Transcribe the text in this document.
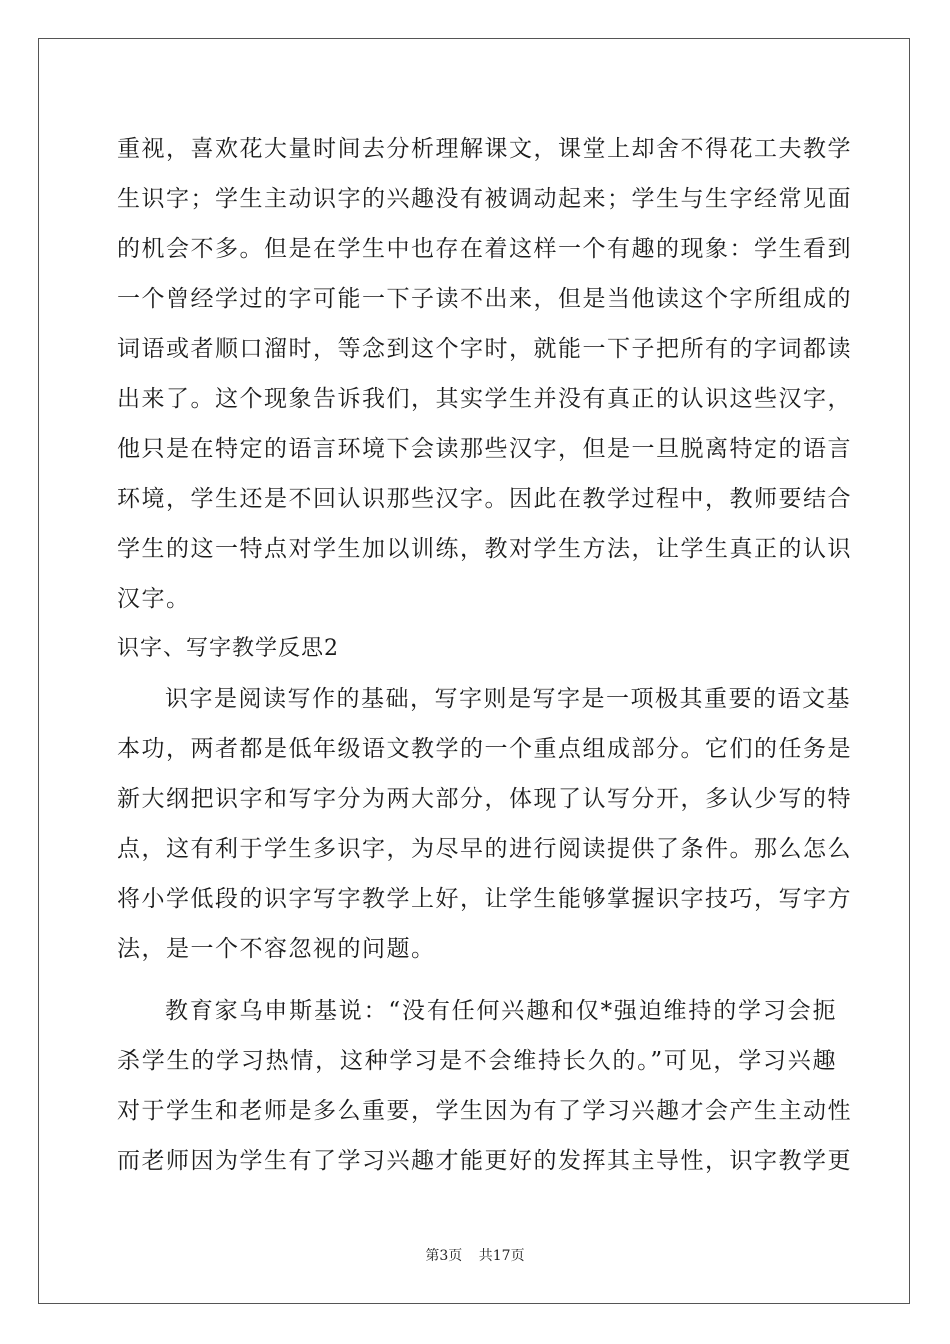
重视，喜欢花大量时间去分析理解课文，课堂上却舍不得花工夫教学
生识字；学生主动识字的兴趣没有被调动起来；学生与生字经常见面
的机会不多。但是在学生中也存在着这样一个有趣的现象：学生看到
一个曾经学过的字可能一下子读不出来，但是当他读这个字所组成的
词语或者顺口溜时，等念到这个字时，就能一下子把所有的字词都读
出来了。这个现象告诉我们，其实学生并没有真正的认识这些汉字，
他只是在特定的语言环境下会读那些汉字，但是一旦脱离特定的语言
环境，学生还是不回认识那些汉字。因此在教学过程中，教师要结合
学生的这一特点对学生加以训练，教对学生方法，让学生真正的认识
汉字。
识字、写字教学反思2
识字是阅读写作的基础，写字则是写字是一项极其重要的语文基
本功，两者都是低年级语文教学的一个重点组成部分。它们的任务是
新大纲把识字和写字分为两大部分，体现了认写分开，多认少写的特
点，这有利于学生多识字，为尽早的进行阅读提供了条件。那么怎么
将小学低段的识字写字教学上好，让学生能够掌握识字技巧，写字方
法，是一个不容忽视的问题。
教育家乌申斯基说：“没有任何兴趣和仅*强迫维持的学习会扼
杀学生的学习热情，这种学习是不会维持长久的。”可见，学习兴趣
对于学生和老师是多么重要，学生因为有了学习兴趣才会产生主动性
而老师因为学生有了学习兴趣才能更好的发挥其主导性，识字教学更
第3页 共17页
